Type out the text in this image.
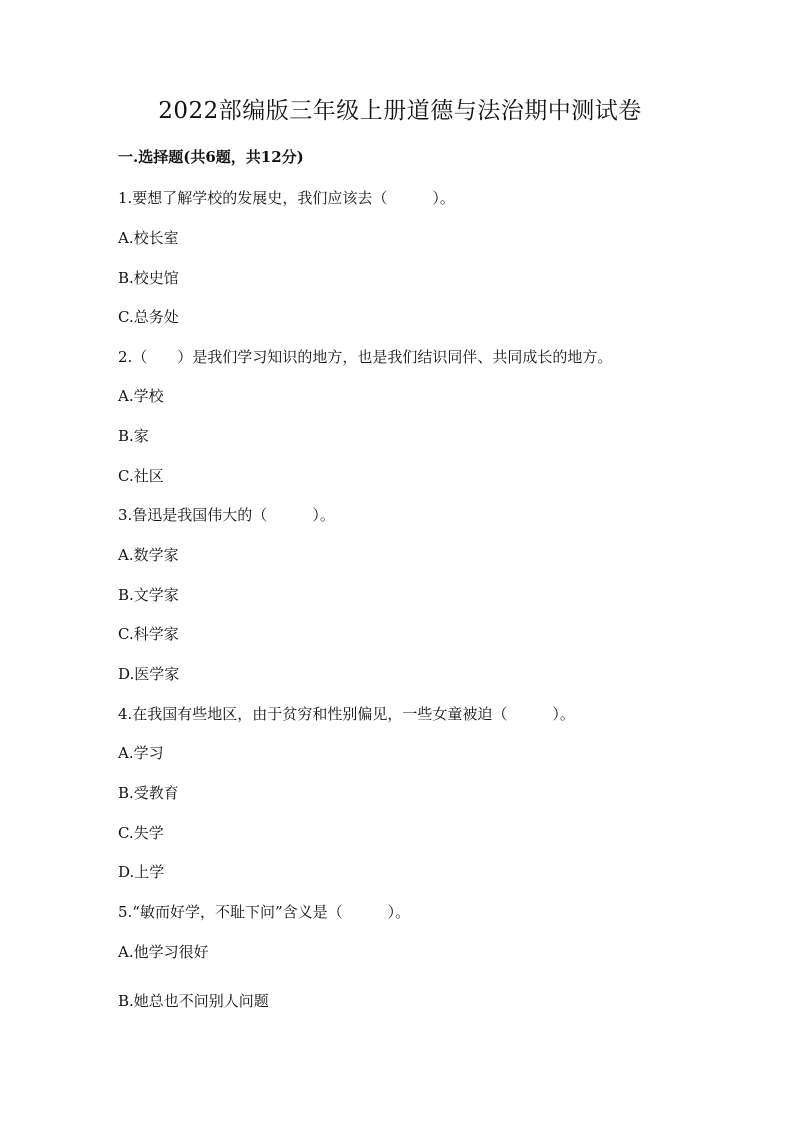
2022部编版三年级上册道德与法治期中测试卷
一.选择题(共6题，共12分)
1.要想了解学校的发展史，我们应该去（　　　）。
A.校长室
B.校史馆
C.总务处
2.（　　）是我们学习知识的地方，也是我们结识同伴、共同成长的地方。
A.学校
B.家
C.社区
3.鲁迅是我国伟大的（　　　）。
A.数学家
B.文学家
C.科学家
D.医学家
4.在我国有些地区，由于贫穷和性别偏见，一些女童被迫（　　　）。
A.学习
B.受教育
C.失学
D.上学
5.“敏而好学，不耻下问”含义是（　　　）。
A.他学习很好
B.她总也不问别人问题
